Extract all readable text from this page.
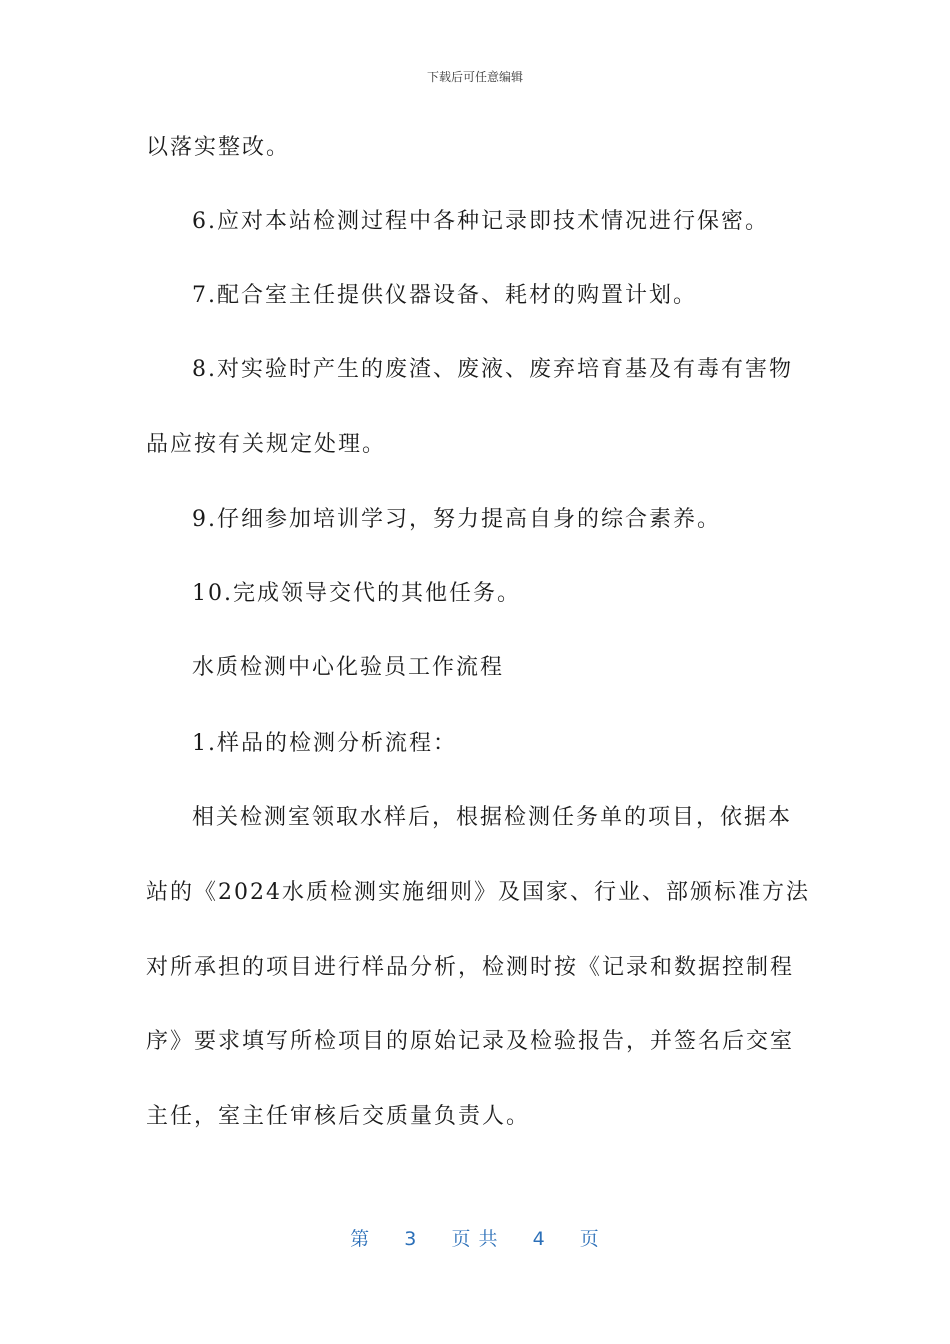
下载后可任意编辑
以落实整改。
6.应对本站检测过程中各种记录即技术情况进行保密。
7.配合室主任提供仪器设备、耗材的购置计划。
8.对实验时产生的废渣、废液、废弃培育基及有毒有害物
品应按有关规定处理。
9.仔细参加培训学习，努力提高自身的综合素养。
10.完成领导交代的其他任务。
水质检测中心化验员工作流程
1.样品的检测分析流程：
相关检测室领取水样后，根据检测任务单的项目，依据本
站的《2024水质检测实施细则》及国家、行业、部颁标准方法
对所承担的项目进行样品分析，检测时按《记录和数据控制程
序》要求填写所检项目的原始记录及检验报告，并签名后交室
主任，室主任审核后交质量负责人。
第 3 页 共 4 页
